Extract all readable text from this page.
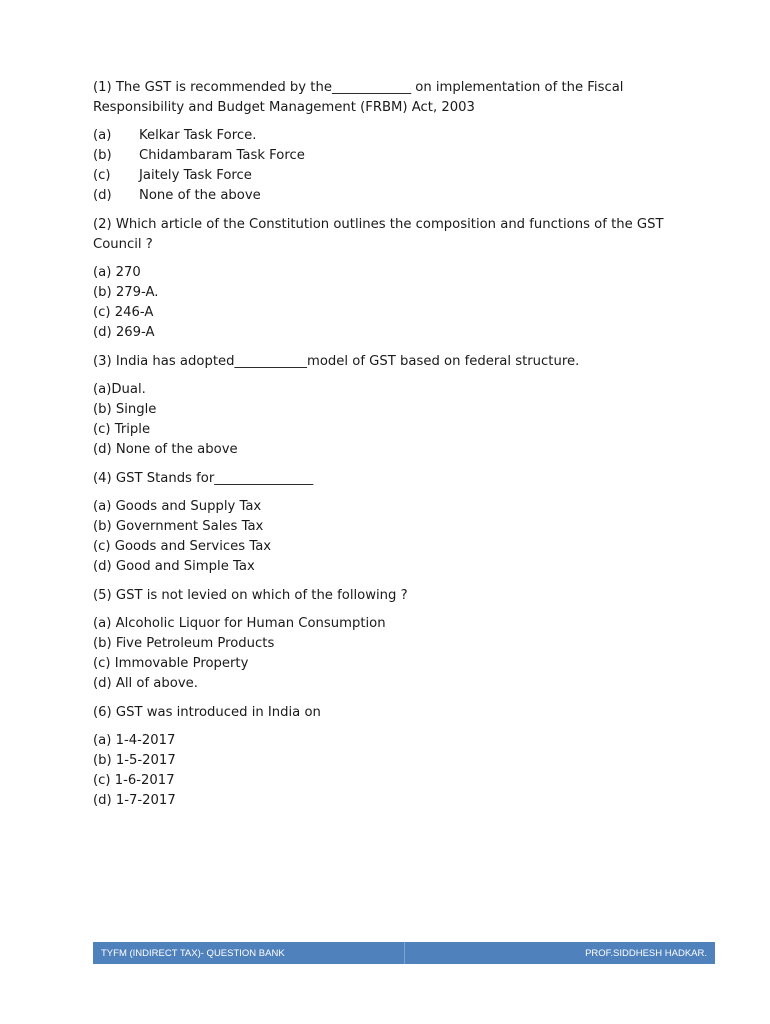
(1) The GST is recommended by the____________ on implementation of the Fiscal Responsibility and Budget Management (FRBM) Act, 2003

(a) Kelkar Task Force.
(b) Chidambaram Task Force
(c) Jaitely Task Force
(d) None of the above

(2) Which article of the Constitution outlines the composition and functions of the GST Council ?

(a) 270
(b) 279-A.
(c) 246-A
(d) 269-A

(3) India has adopted___________model of GST based on federal structure.

(a)Dual.
(b) Single
(c) Triple
(d) None of the above

(4) GST Stands for_______________

(a) Goods and Supply Tax
(b) Government Sales Tax
(c) Goods and Services Tax
(d) Good and Simple Tax

(5) GST is not levied on which of the following ?

(a) Alcoholic Liquor for Human Consumption
(b) Five Petroleum Products
(c) Immovable Property
(d) All of above.

(6) GST was introduced in India on

(a) 1-4-2017
(b) 1-5-2017
(c) 1-6-2017
(d) 1-7-2017
TYFM (INDIRECT TAX)- QUESTION BANK	PROF.SIDDHESH HADKAR.
